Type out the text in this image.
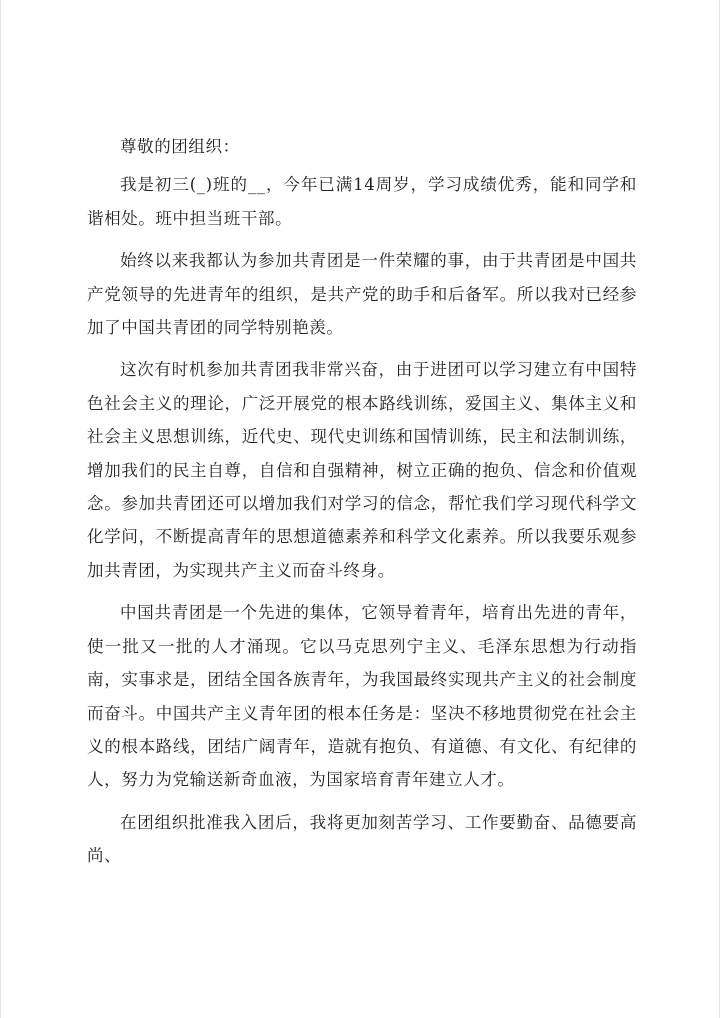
尊敬的团组织：

我是初三(_)班的__，今年已满14周岁，学习成绩优秀，能和同学和谐相处。班中担当班干部。

始终以来我都认为参加共青团是一件荣耀的事，由于共青团是中国共产党领导的先进青年的组织，是共产党的助手和后备军。所以我对已经参加了中国共青团的同学特别艳羡。

这次有时机参加共青团我非常兴奋，由于进团可以学习建立有中国特色社会主义的理论，广泛开展党的根本路线训练，爱国主义、集体主义和社会主义思想训练，近代史、现代史训练和国情训练，民主和法制训练，增加我们的民主自尊，自信和自强精神，树立正确的抱负、信念和价值观念。参加共青团还可以增加我们对学习的信念，帮忙我们学习现代科学文化学问，不断提高青年的思想道德素养和科学文化素养。所以我要乐观参加共青团，为实现共产主义而奋斗终身。

中国共青团是一个先进的集体，它领导着青年，培育出先进的青年，使一批又一批的人才涌现。它以马克思列宁主义、毛泽东思想为行动指南，实事求是，团结全国各族青年，为我国最终实现共产主义的社会制度而奋斗。中国共产主义青年团的根本任务是：坚决不移地贯彻党在社会主义的根本路线，团结广阔青年，造就有抱负、有道德、有文化、有纪律的人，努力为党输送新奇血液，为国家培育青年建立人才。

在团组织批准我入团后，我将更加刻苦学习、工作要勤奋、品德要高尚、
